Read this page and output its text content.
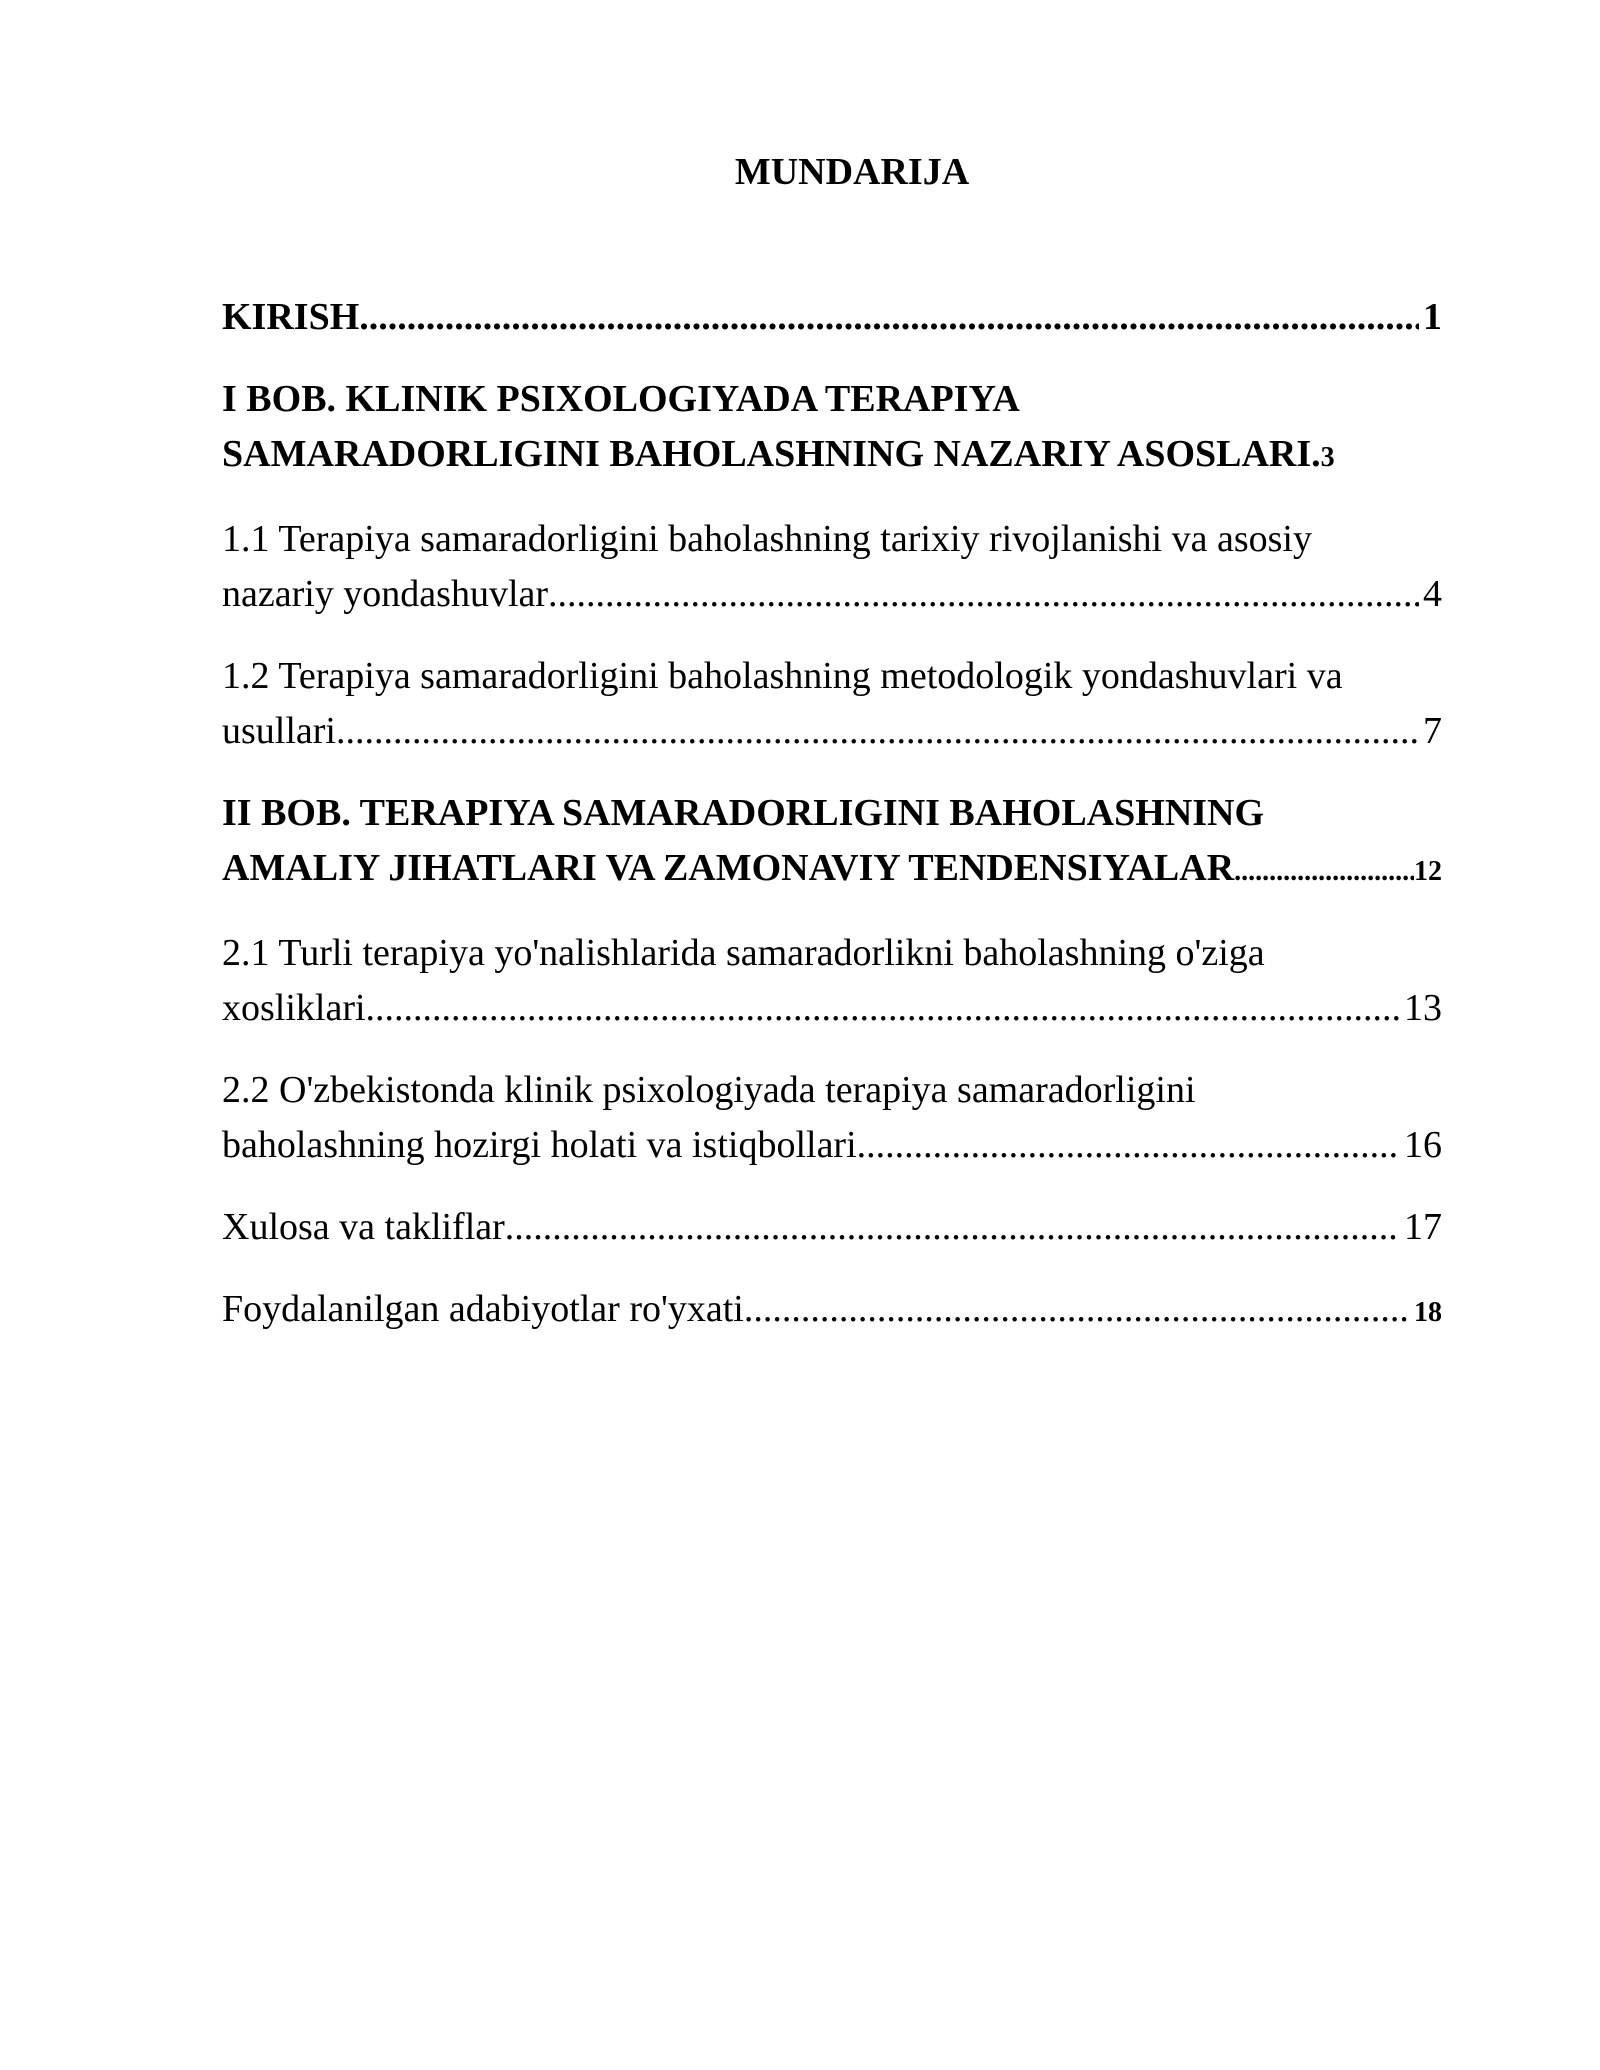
MUNDARIJA
KIRISH .....	1
I BOB. KLINIK PSIXOLOGIYADA TERAPIYA
SAMARADORLIGINI BAHOLASHNING NAZARIY ASOSLARI. 3
1.1 Terapiya samaradorligini baholashning tarixiy rivojlanishi va asosiy
nazariy yondashuvlar .....	4
1.2 Terapiya samaradorligini baholashning metodologik yondashuvlari va
usullari .....	7
II BOB. TERAPIYA SAMARADORLIGINI BAHOLASHNING
AMALIY JIHATLARI VA ZAMONAVIY TENDENSIYALAR .....	12
2.1 Turli terapiya yo'nalishlarida samaradorlikni baholashning o'ziga
xosliklari .....	13
2.2 O'zbekistonda klinik psixologiyada terapiya samaradorligini
baholashning hozirgi holati va istiqbollari .....	16
Xulosa va takliflar .....	17
Foydalanilgan adabiyotlar ro'yxati .....	18
